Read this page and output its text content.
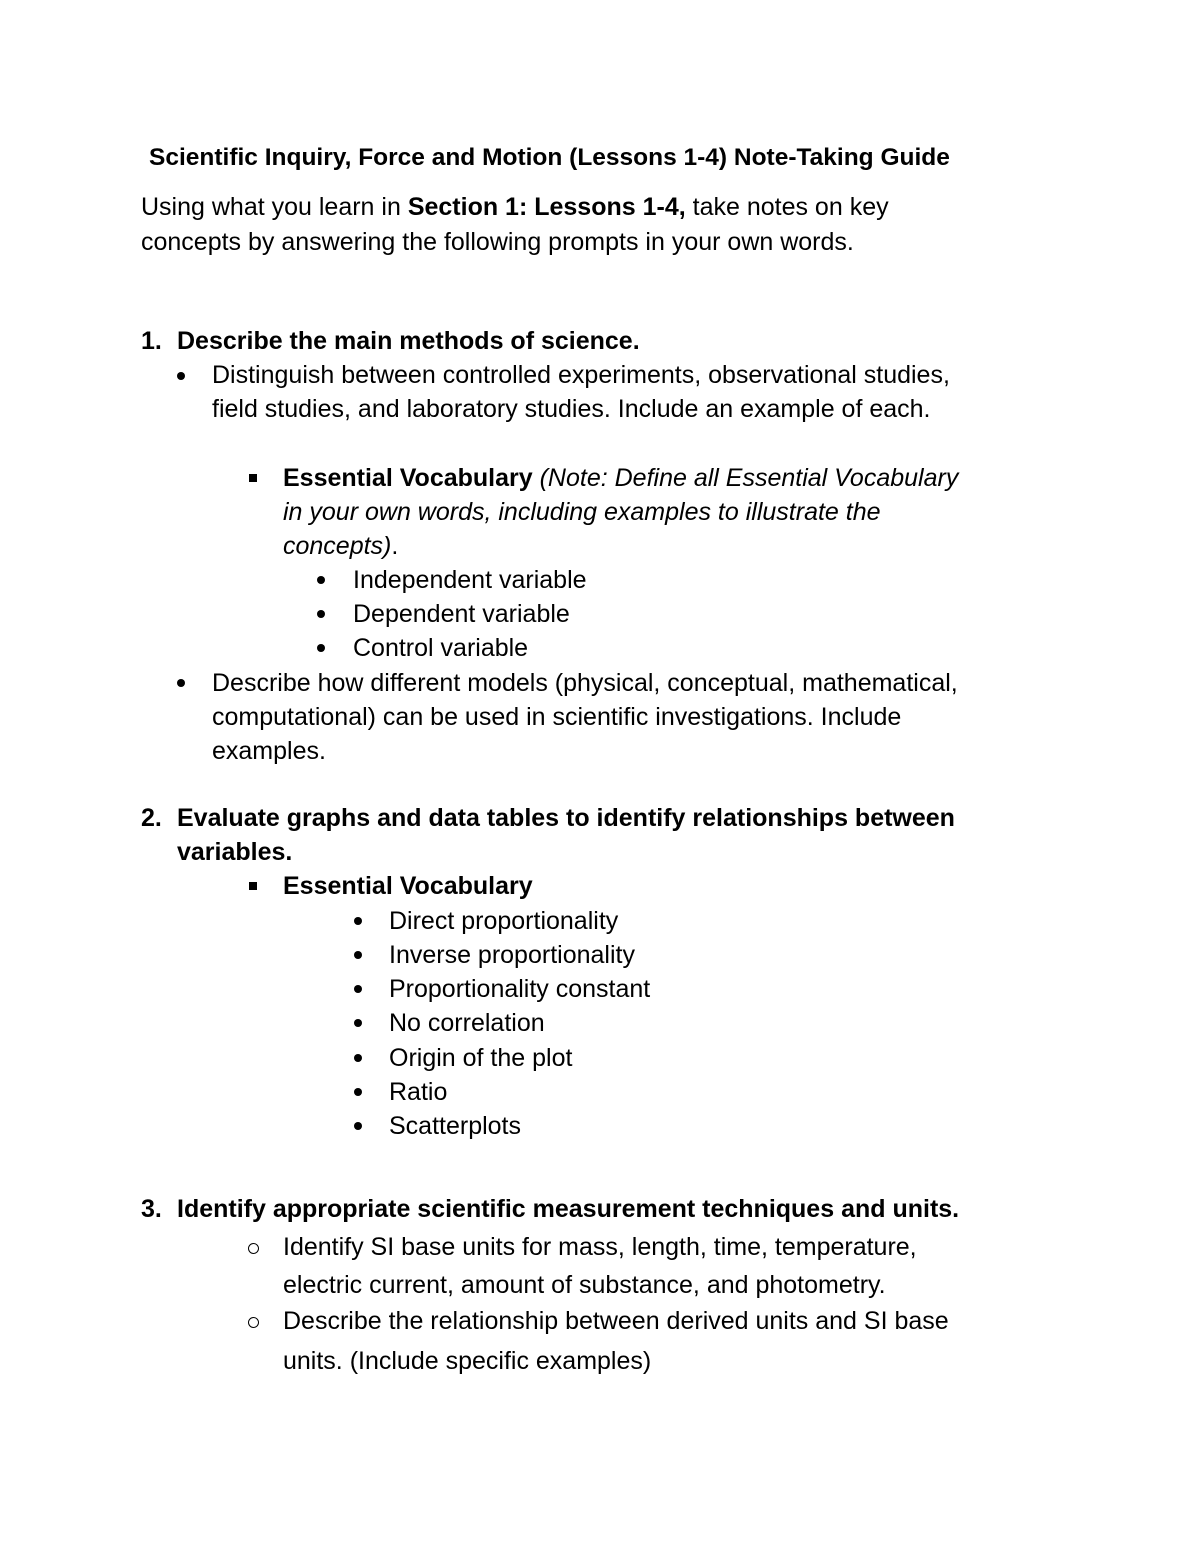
Scientific Inquiry, Force and Motion (Lessons 1-4) Note-Taking Guide

Using what you learn in Section 1: Lessons 1-4, take notes on key

concepts by answering the following prompts in your own words.

1. Describe the main methods of science.

Distinguish between controlled experiments, observational studies,

field studies, and laboratory studies. Include an example of each.

Essential Vocabulary (Note: Define all Essential Vocabulary

in your own words, including examples to illustrate the

concepts).

Independent variable

Dependent variable

Control variable

Describe how different models (physical, conceptual, mathematical,

computational) can be used in scientific investigations. Include

examples.

2. Evaluate graphs and data tables to identify relationships between

variables.

Essential Vocabulary

Direct proportionality

Inverse proportionality

Proportionality constant

No correlation

Origin of the plot

Ratio

Scatterplots

3. Identify appropriate scientific measurement techniques and units.

Identify SI base units for mass, length, time, temperature,

electric current, amount of substance, and photometry.

Describe the relationship between derived units and SI base

units. (Include specific examples)
